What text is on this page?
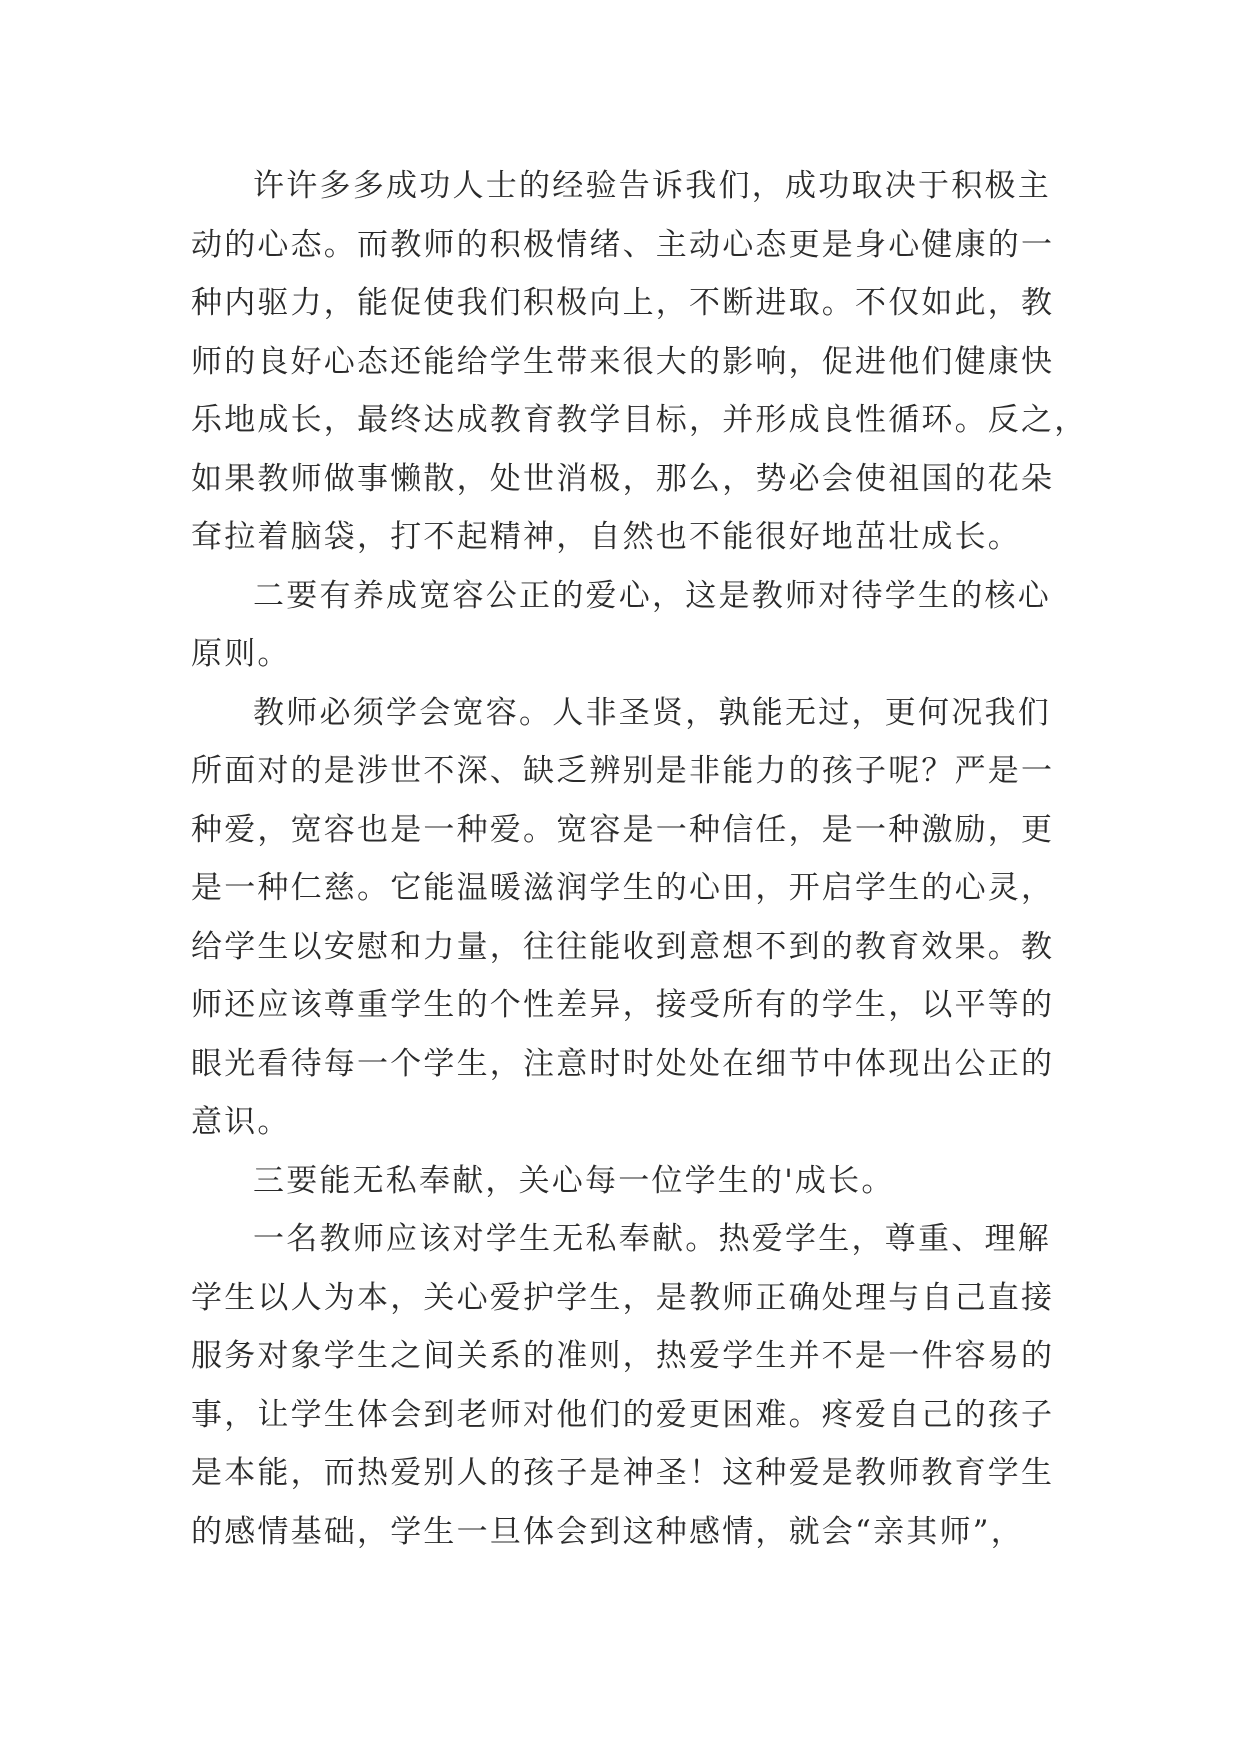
许许多多成功人士的经验告诉我们，成功取决于积极主
动的心态。而教师的积极情绪、主动心态更是身心健康的一
种内驱力，能促使我们积极向上，不断进取。不仅如此，教
师的良好心态还能给学生带来很大的影响，促进他们健康快
乐地成长，最终达成教育教学目标，并形成良性循环。反之，
如果教师做事懒散，处世消极，那么，势必会使祖国的花朵
耷拉着脑袋，打不起精神，自然也不能很好地茁壮成长。
二要有养成宽容公正的爱心，这是教师对待学生的核心
原则。
教师必须学会宽容。人非圣贤，孰能无过，更何况我们
所面对的是涉世不深、缺乏辨别是非能力的孩子呢？严是一
种爱，宽容也是一种爱。宽容是一种信任，是一种激励，更
是一种仁慈。它能温暖滋润学生的心田，开启学生的心灵，
给学生以安慰和力量，往往能收到意想不到的教育效果。教
师还应该尊重学生的个性差异，接受所有的学生，以平等的
眼光看待每一个学生，注意时时处处在细节中体现出公正的
意识。
三要能无私奉献，关心每一位学生的'成长。
一名教师应该对学生无私奉献。热爱学生，尊重、理解
学生以人为本，关心爱护学生，是教师正确处理与自己直接
服务对象学生之间关系的准则，热爱学生并不是一件容易的
事，让学生体会到老师对他们的爱更困难。疼爱自己的孩子
是本能，而热爱别人的孩子是神圣！这种爱是教师教育学生
的感情基础，学生一旦体会到这种感情，就会“亲其师”，
